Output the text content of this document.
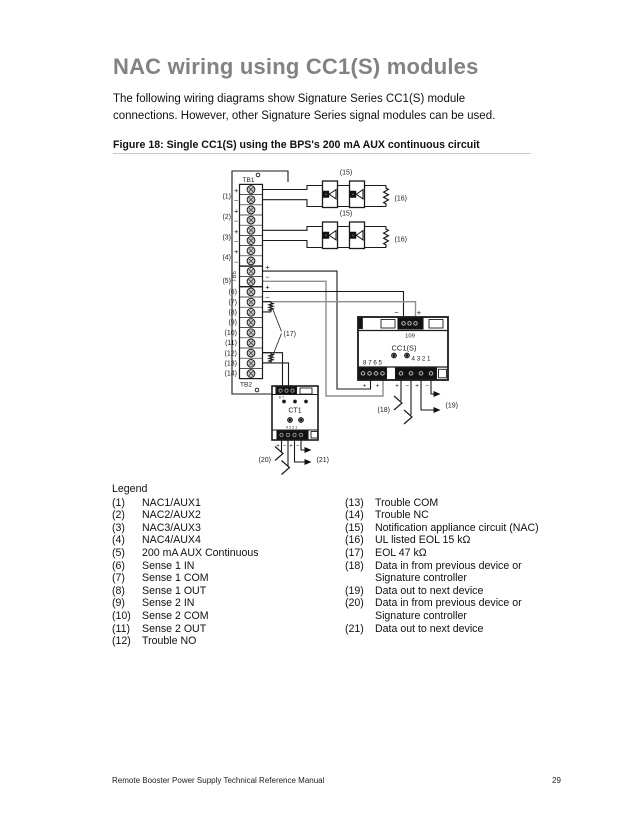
NAC wiring using CC1(S) modules
The following wiring diagrams show Signature Series CC1(S) module
connections. However, other Signature Series signal modules can be used.
Figure 18: Single CC1(S) using the BPS's 200 mA AUX continuous circuit
TB1
TB5
TB2
(1)
(2)
(3)
(4)
(5)
(6)
(7)
(8)
(9)
(10)
(11)
(12)
(13)
(14)
(15)
(15)
(16)
(16)
(17)
(18)
(19)
(20)	(21)
+
−
+
−
+
−
+
−
+
−
+
−
109
CC1(S)
8 7 6 5
4 3 2 1
− +
+ +	+ − + −
CT1
6 7
4 3 2 1
+ − + −
Legend
(1)	NAC1/AUX1
(2)	NAC2/AUX2
(3)	NAC3/AUX3
(4)	NAC4/AUX4
(5)	200 mA AUX Continuous
(6)	Sense 1 IN
(7)	Sense 1 COM
(8)	Sense 1 OUT
(9)	Sense 2 IN
(10)	Sense 2 COM
(11)	Sense 2 OUT
(12)	Trouble NO
(13)	Trouble COM
(14)	Trouble NC
(15)	Notification appliance circuit (NAC)
(16)	UL listed EOL 15 kΩ
(17)	EOL 47 kΩ
(18)	Data in from previous device or
Signature controller
(19)	Data out to next device
(20)	Data in from previous device or
Signature controller
(21)	Data out to next device
Remote Booster Power Supply Technical Reference Manual	29
